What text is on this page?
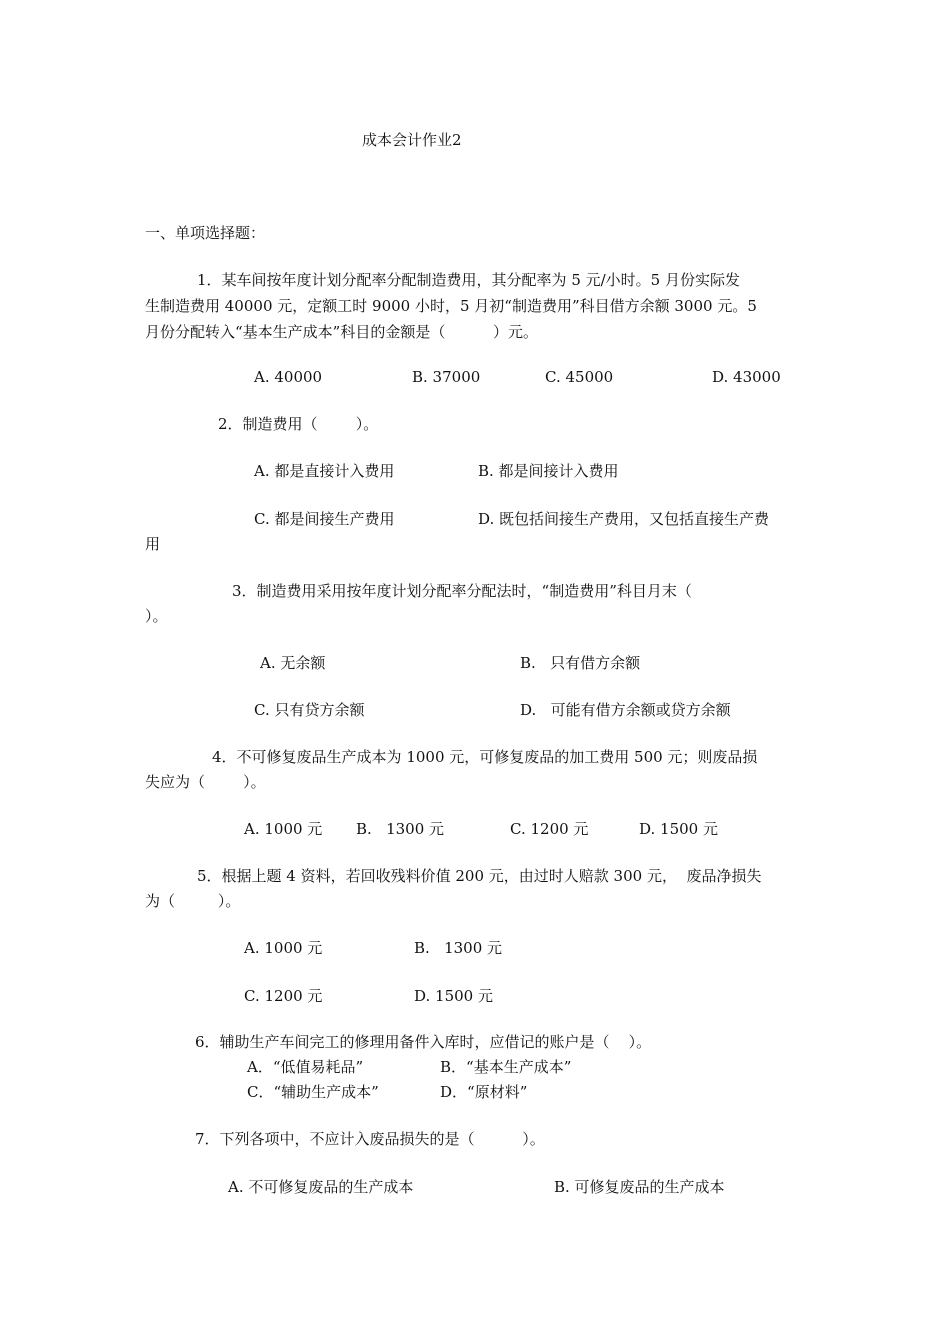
成本会计作业2
一、单项选择题：
1．某车间按年度计划分配率分配制造费用，其分配率为 5 元/小时。5 月份实际发
生制造费用 40000 元，定额工时 9000 小时，5 月初“制造费用”科目借方余额 3000 元。5
月份分配转入“基本生产成本”科目的金额是（          ）元。
A. 40000	B. 37000	C. 45000	D. 43000
2．制造费用（        ）。
A. 都是直接计入费用	B. 都是间接计入费用
C. 都是间接生产费用	D. 既包括间接生产费用，又包括直接生产费
用
3．制造费用采用按年度计划分配率分配法时，“制造费用”科目月末（
）。
A. 无余额	B.   只有借方余额
C. 只有贷方余额	D.   可能有借方余额或贷方余额
4．不可修复废品生产成本为 1000 元，可修复废品的加工费用 500 元；则废品损
失应为（        ）。
A. 1000 元 B.   1300 元	C. 1200 元	D. 1500 元
5．根据上题 4 资料，若回收残料价值 200 元，由过时人赔款 300 元，  废品净损失
为（         ）。
A. 1000 元	B.   1300 元
C. 1200 元	D. 1500 元
6．辅助生产车间完工的修理用备件入库时，应借记的账户是（    ）。
A．“低值易耗品”	B．“基本生产成本”
C．“辅助生产成本”	D．“原材料”
7．下列各项中，不应计入废品损失的是（          ）。
A. 不可修复废品的生产成本	B. 可修复废品的生产成本
